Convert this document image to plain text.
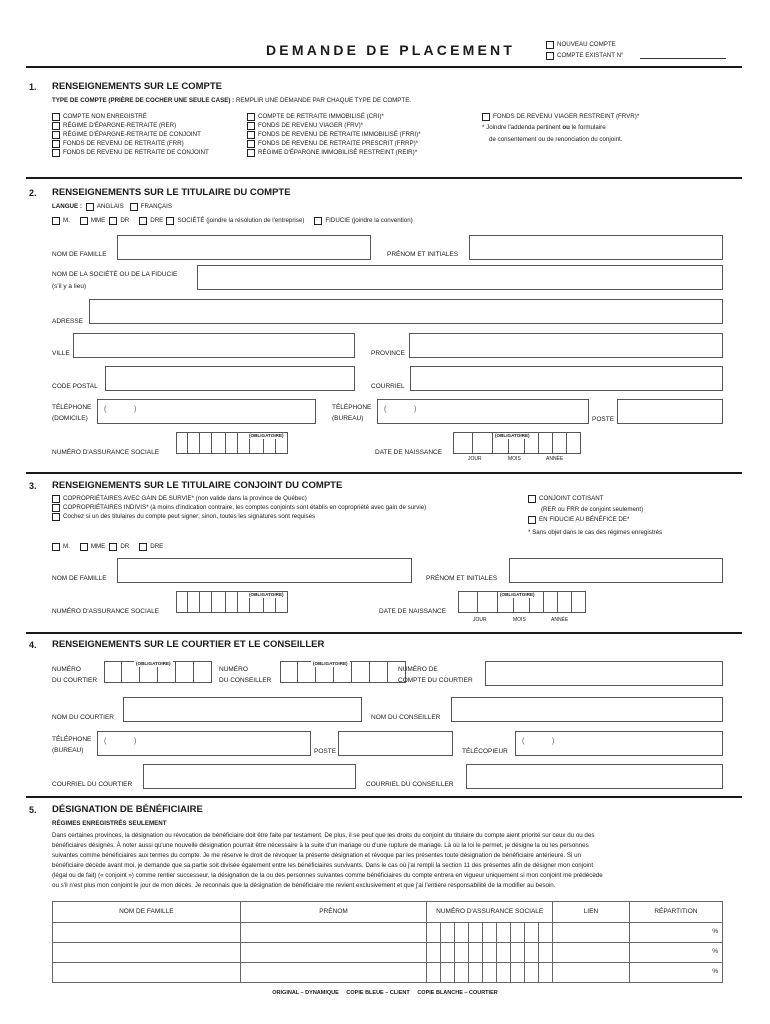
DEMANDE DE PLACEMENT	NOUVEAU COMPTE
COMPTE EXISTANT N°
1. RENSEIGNEMENTS SUR LE COMPTE
TYPE DE COMPTE (PRIÈRE DE COCHER UNE SEULE CASE) : REMPLIR UNE DEMANDE PAR CHAQUE TYPE DE COMPTE.
COMPTE NON ENREGISTRÉ
RÉGIME D'ÉPARGNE-RETRAITE (RER)
RÉGIME D'ÉPARGNE-RETRAITE DE CONJOINT
FONDS DE REVENU DE RETRAITE (FRR)
FONDS DE REVENU DE RETRAITE DE CONJOINT
COMPTE DE RETRAITE IMMOBILISÉ (CRI)*
FONDS DE REVENU VIAGER (FRV)*
FONDS DE REVENU DE RETRAITE IMMOBILISÉ (FRRI)*
FONDS DE REVENU DE RETRAITE PRESCRIT (FRRP)*
RÉGIME D'ÉPARGNE IMMOBILISÉ RESTREINT (REIR)*
FONDS DE REVENU VIAGER RESTREINT (FRVR)*
* Joindre l'addenda pertinent ou le formulaire
de consentement ou de renonciation du conjoint.
2. RENSEIGNEMENTS SUR LE TITULAIRE DU COMPTE
LANGUE : ANGLAIS	FRANÇAIS
M.	MME DR	DRE SOCIÉTÉ (joindre la résolution de l'entreprise)	FIDUCIE (joindre la convention)
NOM DE FAMILLE	PRÉNOM ET INITIALES
NOM DE LA SOCIÉTÉ OU DE LA FIDUCIE
(s'il y a lieu)
ADRESSE
VILLE	PROVINCE
CODE POSTAL	COURRIEL
TÉLÉPHONE
(DOMICILE)
(	)	TÉLÉPHONE
(BUREAU)
(	)
POSTE
NUMÉRO D'ASSURANCE SOCIALE
(OBLIGATOIRE)
DATE DE NAISSANCE
(OBLIGATOIRE)
JOUR	MOIS	ANNÉE
3. RENSEIGNEMENTS SUR LE TITULAIRE CONJOINT DU COMPTE
COPROPRIÉTAIRES AVEC GAIN DE SURVIE* (non valide dans la province de Québec)
COPROPRIÉTAIRES INDIVIS* (à moins d'indication contraire, les comptes conjoints sont établis en copropriété avec gain de survie)
Cochez si un des titulaires du compte peut signer; sinon, toutes les signatures sont requises
CONJOINT COTISANT
(RER ou FRR de conjoint seulement)
EN FIDUCIE AU BÉNÉFICE DE*
* Sans objet dans le cas des régimes enregistrés
M.	MME DR	DRE
NOM DE FAMILLE	PRÉNOM ET INITIALES
NUMÉRO D'ASSURANCE SOCIALE
(OBLIGATOIRE)
DATE DE NAISSANCE
(OBLIGATOIRE)
JOUR	MOIS	ANNÉE
4. RENSEIGNEMENTS SUR LE COURTIER ET LE CONSEILLER
NUMÉRO
DU COURTIER
(OBLIGATOIRE)
NUMÉRO
DU CONSEILLER
(OBLIGATOIRE)
NUMÉRO DE
COMPTE DU COURTIER
NOM DU COURTIER	NOM DU CONSEILLER
TÉLÉPHONE
(BUREAU)
(	)
POSTE	TÉLÉCOPIEUR
(	)
COURRIEL DU COURTIER	COURRIEL DU CONSEILLER
5. DÉSIGNATION DE BÉNÉFICIAIRE
RÉGIMES ENREGISTRÉS SEULEMENT
Dans certaines provinces, la désignation ou révocation de bénéficiaire doit être faite par testament. De plus, il se peut que les droits du conjoint du titulaire du compte aient priorité sur ceux du ou des
bénéficiaires désignés. À noter aussi qu'une nouvelle désignation pourrait être nécessaire à la suite d'un mariage ou d'une rupture de mariage. Là où la loi le permet, je désigne la ou les personnes
suivantes comme bénéficiaires aux termes du compte. Je me réserve le droit de révoquer la présente désignation et révoque par les présentes toute désignation de bénéficiaire antérieure. Si un
bénéficiaire décède avant moi, je demande que sa partie soit divisée également entre les bénéficiaires survivants. Dans le cas où j'ai rempli la section 11 des présentes afin de désigner mon conjoint
(légal ou de fait) (« conjoint ») comme rentier successeur, la désignation de la ou des personnes suivantes comme bénéficiaires du compte entrera en vigueur uniquement si mon conjoint me prédécède
ou s'il n'est plus mon conjoint le jour de mon décès. Je reconnais que la désignation de bénéficiaire me revient exclusivement et que j'ai l'entière responsabilité de la modifier au besoin.
NOM DE FAMILLE	PRÉNOM	NUMÉRO D'ASSURANCE SOCIALE									LIEN	RÉPARTITION
												%
												%
												%
ORIGINAL – DYNAMIQUE     COPIE BLEUE – CLIENT     COPIE BLANCHE – COURTIER
